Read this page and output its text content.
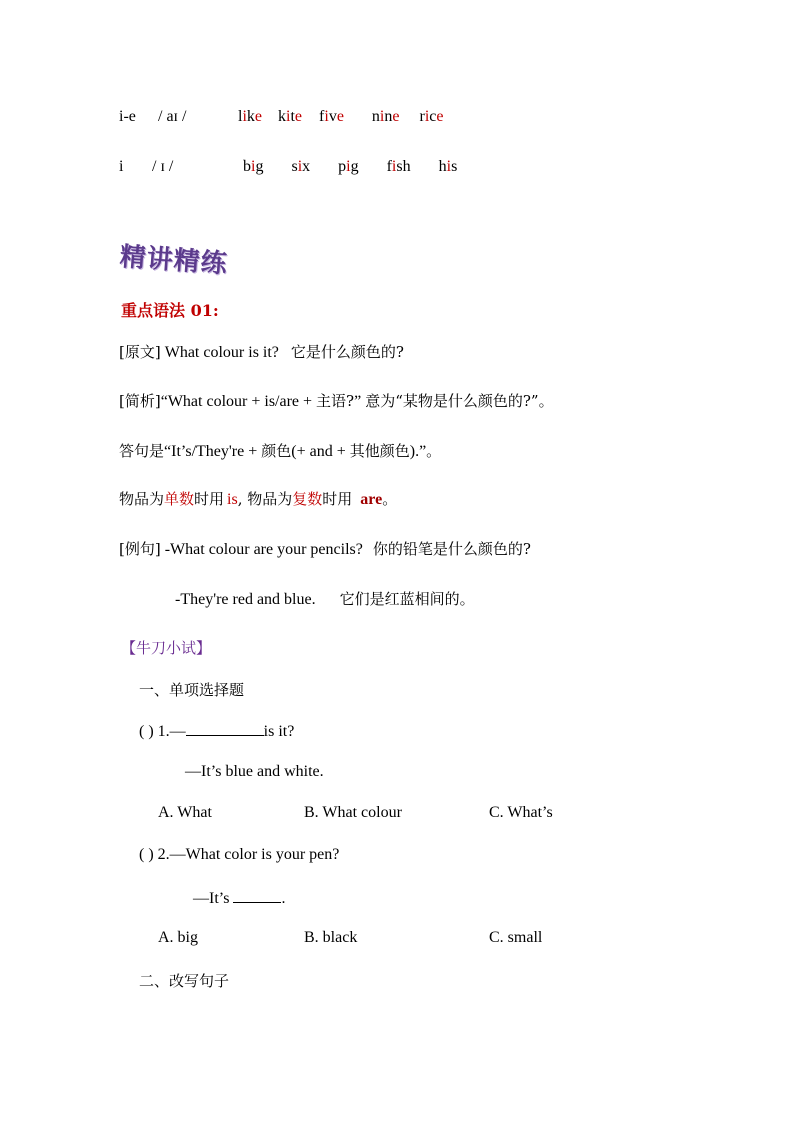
i-e / aɪ /	like kite five nine rice
i / ɪ /	big six pig fish his
精讲精练
重点语法 01:
[原文] What colour is it? 它是什么颜色的?
[简析]“What colour + is/are + 主语?” 意为“某物是什么颜色的?”。
答句是“It’s/They're + 颜色(+ and + 其他颜色).”。
物品为单数时用 is, 物品为复数时用 are。
[例句] -What colour are your pencils? 你的铅笔是什么颜色的?
-They're red and blue. 它们是红蓝相间的。
【牛刀小试】
一、单项选择题
( ) 1.—	is it?
—It’s blue and white.
A. What	B. What colour	C. What’s
( ) 2.—What color is your pen?
—It’s	.
A. big	B. black	C. small
二、改写句子
